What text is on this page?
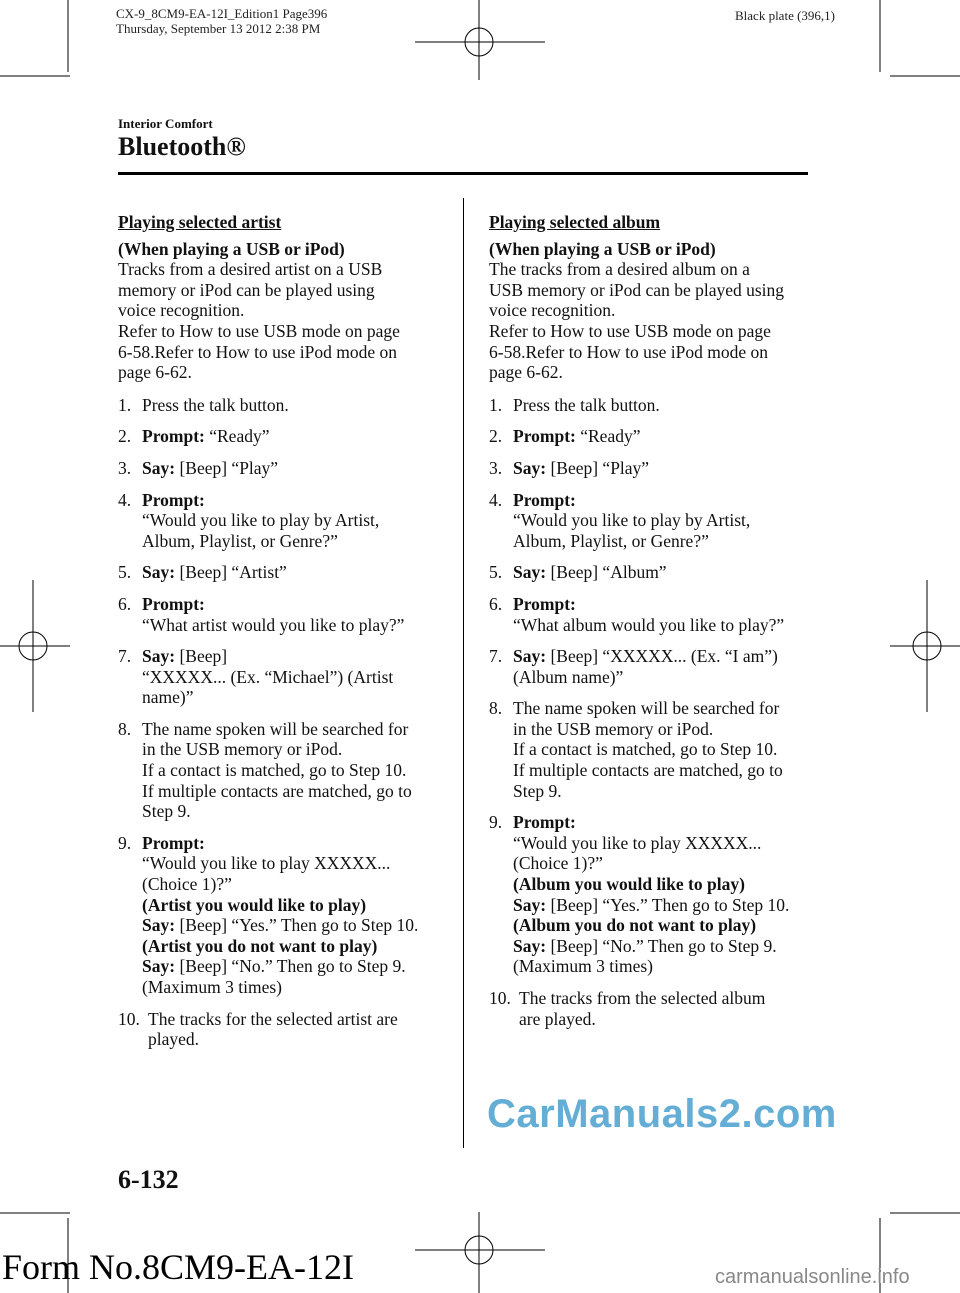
CX-9_8CM9-EA-12I_Edition1 Page396
Thursday, September 13 2012 2:38 PM
Black plate (396,1)
Interior Comfort
Bluetooth®
Playing selected artist
(When playing a USB or iPod)
Tracks from a desired artist on a USB
memory or iPod can be played using
voice recognition.
Refer to How to use USB mode on page
6-58.Refer to How to use iPod mode on
page 6-62.
1. Press the talk button.
2. Prompt: “Ready”
3. Say: [Beep] “Play”
4. Prompt:
“Would you like to play by Artist,
Album, Playlist, or Genre?”
5. Say: [Beep] “Artist”
6. Prompt:
“What artist would you like to play?”
7. Say: [Beep]
“XXXXX... (Ex. “Michael”) (Artist
name)”
8. The name spoken will be searched for
in the USB memory or iPod.
If a contact is matched, go to Step 10.
If multiple contacts are matched, go to
Step 9.
9. Prompt:
“Would you like to play XXXXX...
(Choice 1)?”
(Artist you would like to play)
Say: [Beep] “Yes.” Then go to Step 10.
(Artist you do not want to play)
Say: [Beep] “No.” Then go to Step 9.
(Maximum 3 times)
10. The tracks for the selected artist are
played.
Playing selected album
(When playing a USB or iPod)
The tracks from a desired album on a
USB memory or iPod can be played using
voice recognition.
Refer to How to use USB mode on page
6-58.Refer to How to use iPod mode on
page 6-62.
1. Press the talk button.
2. Prompt: “Ready”
3. Say: [Beep] “Play”
4. Prompt:
“Would you like to play by Artist,
Album, Playlist, or Genre?”
5. Say: [Beep] “Album”
6. Prompt:
“What album would you like to play?”
7. Say: [Beep] “XXXXX... (Ex. “I am”)
(Album name)”
8. The name spoken will be searched for
in the USB memory or iPod.
If a contact is matched, go to Step 10.
If multiple contacts are matched, go to
Step 9.
9. Prompt:
“Would you like to play XXXXX...
(Choice 1)?”
(Album you would like to play)
Say: [Beep] “Yes.” Then go to Step 10.
(Album you do not want to play)
Say: [Beep] “No.” Then go to Step 9.
(Maximum 3 times)
10. The tracks from the selected album
are played.
6-132
CarManuals2.com
Form No.8CM9-EA-12I	carmanualsonline.info
